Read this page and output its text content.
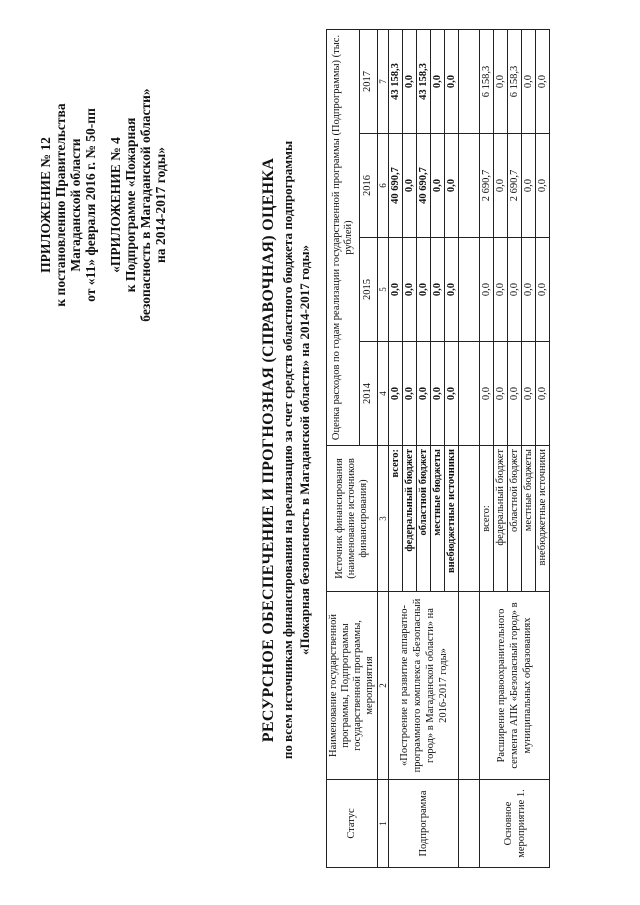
ПРИЛОЖЕНИЕ № 12 к постановлению Правительства Магаданской области от «11» февраля 2016 г. № 50-пп «ПРИЛОЖЕНИЕ № 4 к Подпрограмме «Пожарная безопасность в Магаданской области» на 2014-2017 годы»	РЕСУРСНОЕ ОБЕСПЕЧЕНИЕ И ПРОГНОЗНАЯ (СПРАВОЧНАЯ) ОЦЕНКА по всем источникам финансирования на реализацию за счет средств областного бюджета подпрограммы «Пожарная безопасность в Магаданской области» на 2014-2017 годы»
Статус	Наименование государственной программы, Подпрограммы государственной программы, мероприятия	Источник финансирования (наименование источников финансирования)	Оценка расходов по годам реализации государственной программы (Подпрограммы) (тыс. рублей)			
			2014	2015	2016	2017
1	2	3	4	5	6	7
Подпрограмма	«Построение и развитие аппаратно-программного комплекса «Безопасный город» в Магаданской области» на 2016-2017 годы»	всего:	0,0	0,0	40 690,7	43 158,3
		федеральный бюджет	0,0	0,0	0,0	0,0
		областной бюджет	0,0	0,0	40 690,7	43 158,3
		местные бюджеты	0,0	0,0	0,0	0,0
		внебюджетные источники	0,0	0,0	0,0	0,0

Основное мероприятие 1.	Расширение правоохранительного сегмента АПК «Безопасный город» в муниципальных образованиях	всего:	0,0	0,0	2 690,7	6 158,3
		федеральный бюджет	0,0	0,0	0,0	0,0
		областной бюджет	0,0	0,0	2 690,7	6 158,3
		местные бюджеты	0,0	0,0	0,0	0,0
		внебюджетные источники	0,0	0,0	0,0	0,0
